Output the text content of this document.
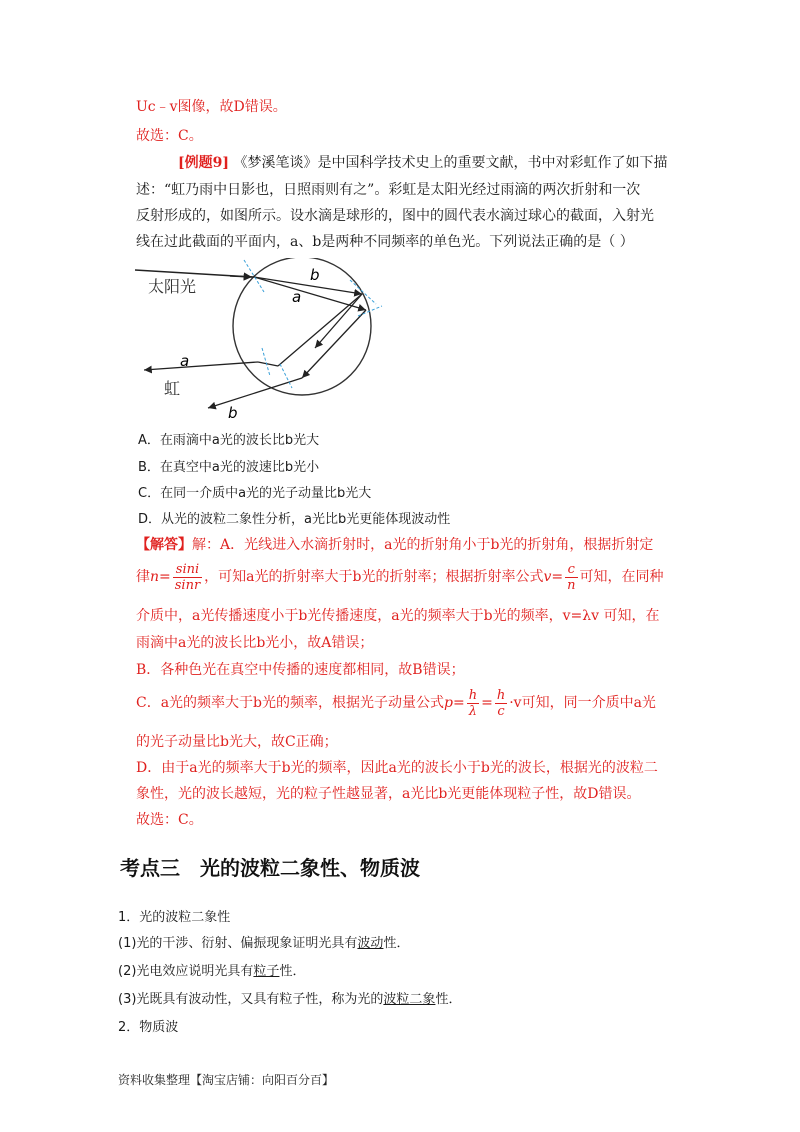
Uc﹣v图像，故D错误。
故选：C。
[例题9] 《梦溪笔谈》是中国科学技术史上的重要文献，书中对彩虹作了如下描
述：“虹乃雨中日影也，日照雨则有之”。彩虹是太阳光经过雨滴的两次折射和一次
反射形成的，如图所示。设水滴是球形的，图中的圆代表水滴过球心的截面，入射光
线在过此截面的平面内，a、b是两种不同频率的单色光。下列说法正确的是（ ）
b
a
太阳光
a
虹
b
A．在雨滴中a光的波长比b光大
B．在真空中a光的波速比b光小
C．在同一介质中a光的光子动量比b光大
D．从光的波粒二象性分析，a光比b光更能体现波动性
【解答】解：A．光线进入水滴折射时，a光的折射角小于b光的折射角，根据折射定
律$n= \frac{\sin i}{\sin r}$ ，可知a光的折射率大于b光的折射率；根据折射率公式$v= \frac{c}{n}$ 可知，在同种
介质中，a光传播速度小于b光传播速度，a光的频率大于b光的频率，v=λv 可知，在
雨滴中a光的波长比b光小，故A错误；
B．各种色光在真空中传播的速度都相同，故B错误；
C．a光的频率大于b光的频率，根据光子动量公式$p= \frac{h}{\lambda} = \frac{h}{c} \cdot v$可知，同一介质中a光
的光子动量比b光大，故C正确；
D．由于a光的频率大于b光的频率，因此a光的波长小于b光的波长，根据光的波粒二
象性，光的波长越短，光的粒子性越显著，a光比b光更能体现粒子性，故D错误。
故选：C。
考点三　光的波粒二象性、物质波
1．光的波粒二象性
(1)光的干涉、衍射、偏振现象证明光具有波动性．
(2)光电效应说明光具有粒子性．
(3)光既具有波动性，又具有粒子性，称为光的波粒二象性．
2．物质波
资料收集整理【淘宝店铺：向阳百分百】
